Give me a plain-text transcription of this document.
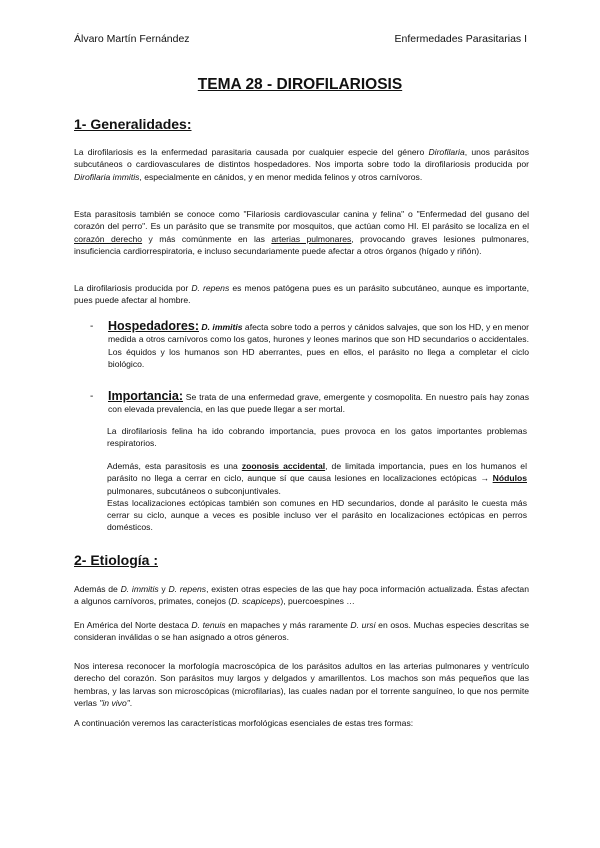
Álvaro Martín Fernández	Enfermedades Parasitarias I
TEMA 28 - DIROFILARIOSIS
1- Generalidades:
La dirofilariosis es la enfermedad parasitaria causada por cualquier especie del género Dirofilaria, unos parásitos subcutáneos o cardiovasculares de distintos hospedadores. Nos importa sobre todo la dirofilariosis producida por Dirofilaria immitis, especialmente en cánidos, y en menor medida felinos y otros carnívoros.
Esta parasitosis también se conoce como "Filariosis cardiovascular canina y felina" o "Enfermedad del gusano del corazón del perro". Es un parásito que se transmite por mosquitos, que actúan como HI. El parásito se localiza en el corazón derecho y más comúnmente en las arterias pulmonares, provocando graves lesiones pulmonares, insuficiencia cardiorrespiratoria, e incluso secundariamente puede afectar a otros órganos (hígado y riñón).
La dirofilariosis producida por D. repens es menos patógena pues es un parásito subcutáneo, aunque es importante, pues puede afectar al hombre.
- Hospedadores: D. immitis afecta sobre todo a perros y cánidos salvajes, que son los HD, y en menor medida a otros carnívoros como los gatos, hurones y leones marinos que son HD secundarios o accidentales. Los équidos y los humanos son HD aberrantes, pues en ellos, el parásito no llega a completar el ciclo biológico.
- Importancia: Se trata de una enfermedad grave, emergente y cosmopolita. En nuestro país hay zonas con elevada prevalencia, en las que puede llegar a ser mortal.
La dirofilariosis felina ha ido cobrando importancia, pues provoca en los gatos importantes problemas respiratorios.
Además, esta parasitosis es una zoonosis accidental, de limitada importancia, pues en los humanos el parásito no llega a cerrar en ciclo, aunque sí que causa lesiones en localizaciones ectópicas → Nódulos pulmonares, subcutáneos o subconjuntivales.
Estas localizaciones ectópicas también son comunes en HD secundarios, donde al parásito le cuesta más cerrar su ciclo, aunque a veces es posible incluso ver el parásito en localizaciones ectópicas en perros domésticos.
2- Etiología :
Además de D. immitis y D. repens, existen otras especies de las que hay poca información actualizada. Éstas afectan a algunos carnívoros, primates, conejos (D. scapiceps), puercoespines …
En América del Norte destaca D. tenuis en mapaches y más raramente D. ursi en osos. Muchas especies descritas se consideran inválidas o se han asignado a otros géneros.
Nos interesa reconocer la morfología macroscópica de los parásitos adultos en las arterias pulmonares y ventrículo derecho del corazón. Son parásitos muy largos y delgados y amarillentos. Los machos son más pequeños que las hembras, y las larvas son microscópicas (microfilarias), las cuales nadan por el torrente sanguíneo, lo que nos permite verlas "in vivo".
A continuación veremos las características morfológicas esenciales de estas tres formas:
